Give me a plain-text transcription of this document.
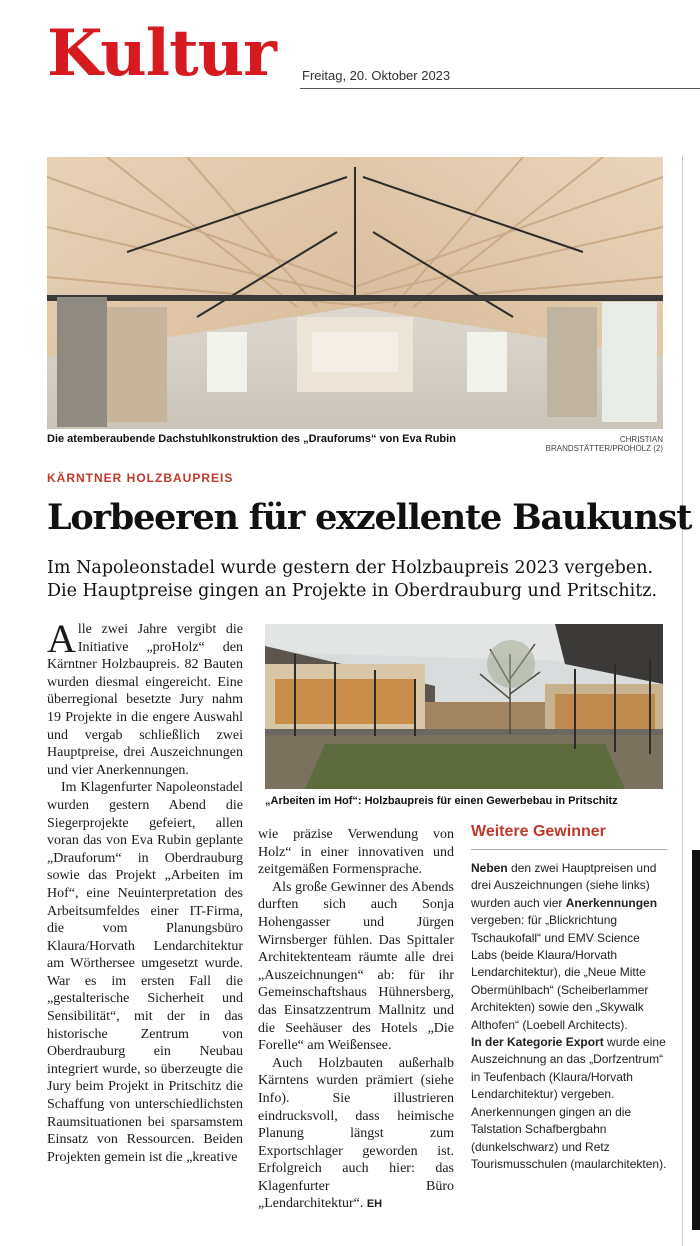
Kultur Freitag, 20. Oktober 2023
Die atemberaubende Dachstuhlkonstruktion des „Drauforums“ von Eva Rubin	CHRISTIAN BRANDSTÄTTER/PROHOLZ (2)
KÄRNTNER HOLZBAUPREIS
Lorbeeren für exzellente Baukunst
Im Napoleonstadel wurde gestern der Holzbaupreis 2023 vergeben.
Die Hauptpreise gingen an Projekte in Oberdrauburg und Pritschitz.

Alle zwei Jahre vergibt die Initiative „proHolz“ den Kärntner Holzbaupreis. 82 Bauten wurden diesmal eingereicht. Eine überregional besetzte Jury nahm 19 Projekte in die engere Auswahl und vergab schließlich zwei Hauptpreise, drei Auszeichnungen und vier Anerkennungen.

Im Klagenfurter Napoleonstadel wurden gestern Abend die Siegerprojekte gefeiert, allen voran das von Eva Rubin geplante „Drauforum“ in Oberdrauburg sowie das Projekt „Arbeiten im Hof“, eine Neuinterpretation des Arbeitsumfeldes einer IT-Firma, die vom Planungsbüro Klaura/Horvath Lendarchitektur am Wörthersee umgesetzt wurde. War es im ersten Fall die „gestalterische Sicherheit und Sensibilität“, mit der in das historische Zentrum von Oberdrauburg ein Neubau integriert wurde, so überzeugte die Jury beim Projekt in Pritschitz die Schaffung von unterschiedlichsten Raumsituationen bei sparsamstem Einsatz von Ressourcen. Beiden Projekten gemein ist die „kreative

„Arbeiten im Hof“: Holzbaupreis für einen Gewerbebau in Pritschitz

wie präzise Verwendung von Holz“ in einer innovativen und zeitgemäßen Formensprache.

Als große Gewinner des Abends durften sich auch Sonja Hohengasser und Jürgen Wirnsberger fühlen. Das Spittaler Architektenteam räumte alle drei „Auszeichnungen“ ab: für ihr Gemeinschaftshaus Hühnersberg, das Einsatzzentrum Mallnitz und die Seehäuser des Hotels „Die Forelle“ am Weißensee.

Auch Holzbauten außerhalb Kärntens wurden prämiert (siehe Info). Sie illustrieren eindrucksvoll, dass heimische Planung längst zum Exportschlager geworden ist. Erfolgreich auch hier: das Klagenfurter Büro „Lendarchitektur“. EH

Weitere Gewinner
Neben den zwei Hauptpreisen und drei Auszeichnungen (siehe links) wurden auch vier Anerkennungen vergeben: für „Blickrichtung Tschaukofall“ und EMV Science Labs (beide Klaura/Horvath Lendarchitektur), die „Neue Mitte Obermühlbach“ (Scheiberlammer Architekten) sowie den „Skywalk Althofen“ (Loebell Architects).
In der Kategorie Export wurde eine Auszeichnung an das „Dorfzentrum“ in Teufenbach (Klaura/Horvath Lendarchitektur) vergeben. Anerkennungen gingen an die Talstation Schafbergbahn (dunkelschwarz) und Retz Tourismusschulen (maularchitekten).
